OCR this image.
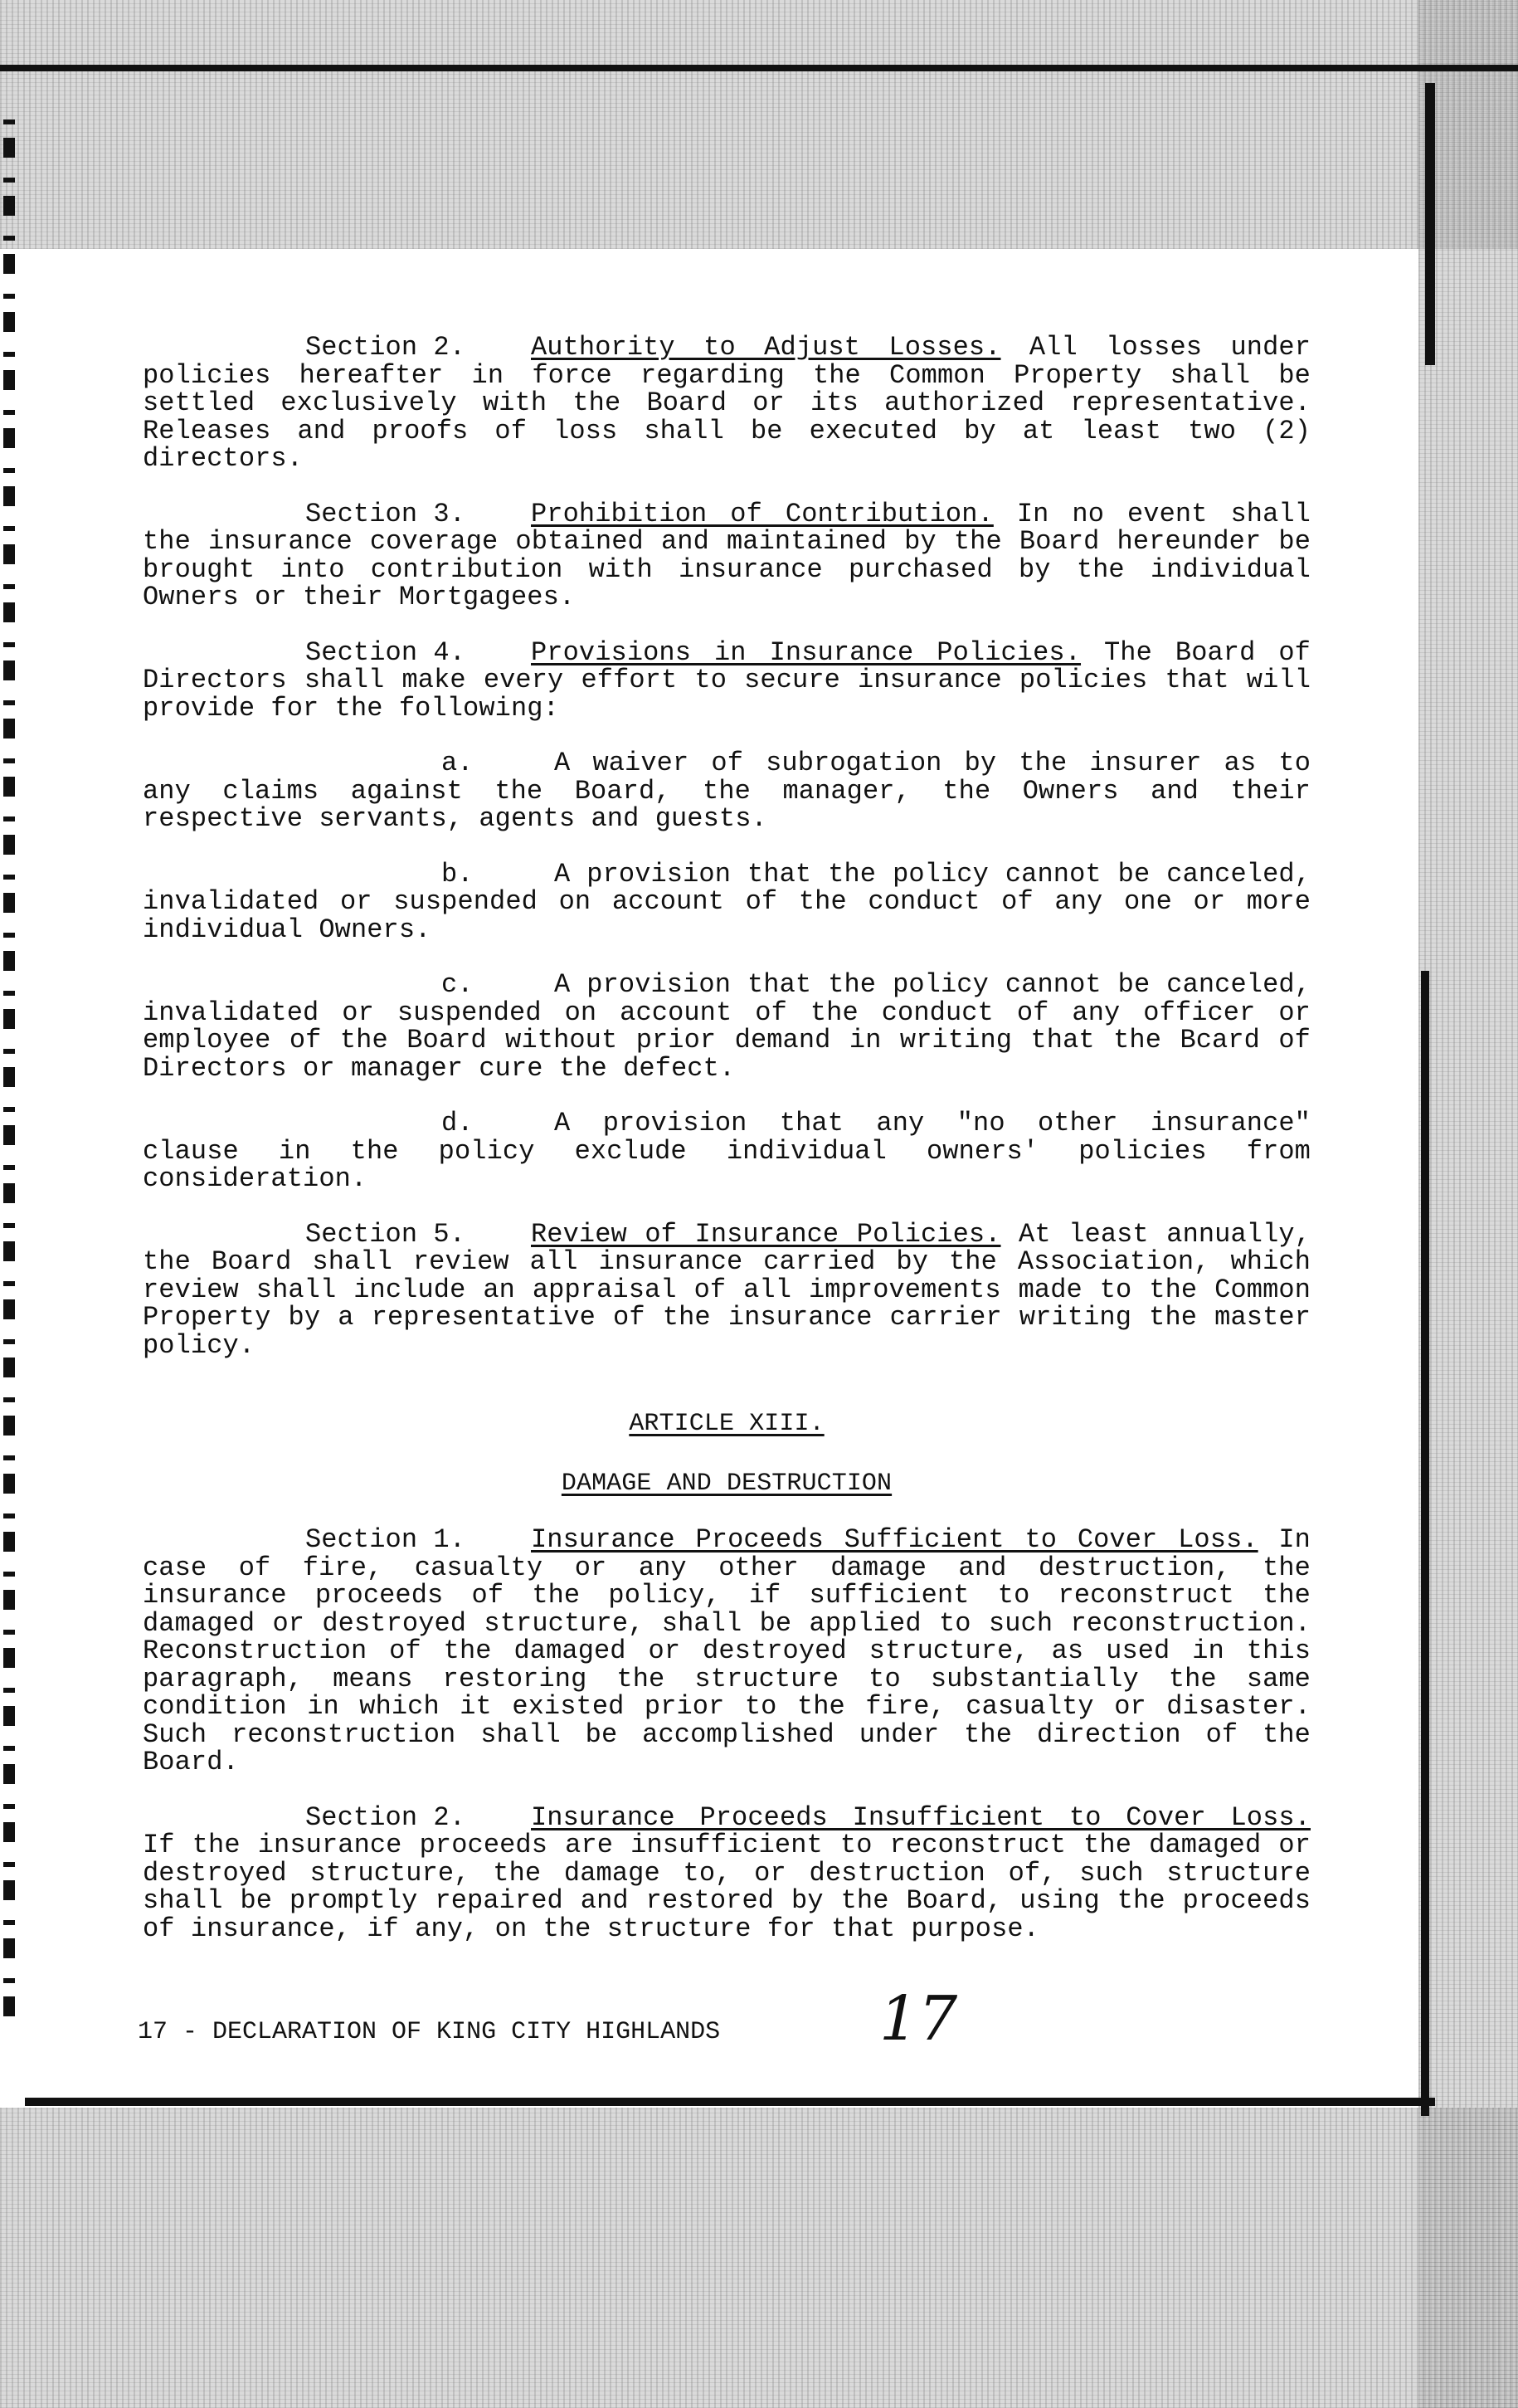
Section 2. Authority to Adjust Losses. All losses under policies hereafter in force regarding the Common Property shall be settled exclusively with the Board or its authorized representative. Releases and proofs of loss shall be executed by at least two (2) directors.

Section 3. Prohibition of Contribution. In no event shall the insurance coverage obtained and maintained by the Board hereunder be brought into contribution with insurance purchased by the individual Owners or their Mortgagees.

Section 4. Provisions in Insurance Policies. The Board of Directors shall make every effort to secure insurance policies that will provide for the following:

a.	A waiver of subrogation by the insurer as to any claims against the Board, the manager, the Owners and their respective servants, agents and guests.

b.	A provision that the policy cannot be canceled, invalidated or suspended on account of the conduct of any one or more individual Owners.

c.	A provision that the policy cannot be canceled, invalidated or suspended on account of the conduct of any officer or employee of the Board without prior demand in writing that the Bcard of Directors or manager cure the defect.

d.	A provision that any "no other insurance" clause in the policy exclude individual owners' policies from consideration.

Section 5. Review of Insurance Policies. At least annually, the Board shall review all insurance carried by the Association, which review shall include an appraisal of all improvements made to the Common Property by a representative of the insurance carrier writing the master policy.

ARTICLE XIII.

DAMAGE AND DESTRUCTION

Section 1. Insurance Proceeds Sufficient to Cover Loss. In case of fire, casualty or any other damage and destruction, the insurance proceeds of the policy, if sufficient to reconstruct the damaged or destroyed structure, shall be applied to such reconstruction. Reconstruction of the damaged or destroyed structure, as used in this paragraph, means restoring the structure to substantially the same condition in which it existed prior to the fire, casualty or disaster. Such reconstruction shall be accomplished under the direction of the Board.

Section 2. Insurance Proceeds Insufficient to Cover Loss. If the insurance proceeds are insufficient to reconstruct the damaged or destroyed structure, the damage to, or destruction of, such structure shall be promptly repaired and restored by the Board, using the proceeds of insurance, if any, on the structure for that purpose.

17 - DECLARATION OF KING CITY HIGHLANDS	17
